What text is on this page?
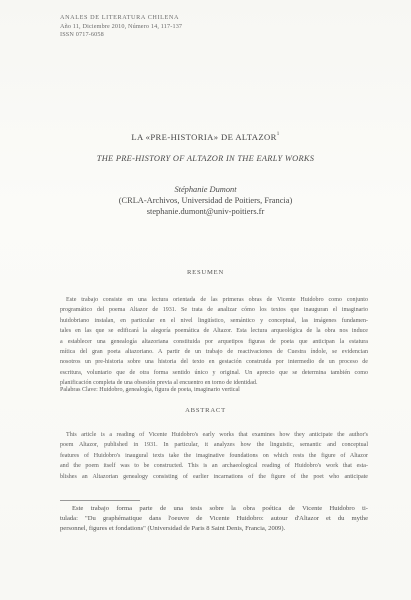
ANALES DE LITERATURA CHILENA
Año 11, Diciembre 2010, Número 14, 117-137
ISSN 0717-6058
LA «PRE-HISTORIA» DE ALTAZOR$^1$
THE PRE-HISTORY OF ALTAZOR IN THE EARLY WORKS
Stéphanie Dumont
(CRLA-Archivos, Universidad de Poitiers, Francia)
stephanie.dumont@univ-poitiers.fr
RESUMEN
Este trabajo consiste en una lectura orientada de las primeras obras de Vicente Huidobro como conjunto
programático del poema Altazor de 1931. Se trata de analizar cómo los textos que inauguran el imaginario
huidobriano instalan, en particular en el nivel lingüístico, semántico y conceptual, las imágenes fundamen-
tales en las que se edificará la alegoría poemática de Altazor. Esta lectura arqueológica de la obra nos induce
a establecer una genealogía altazoriana constituida por arquetipos figuras de poeta que anticipan la estatura
mítica del gran poeta altazoriano. A partir de un trabajo de reactivaciones de Cuestra índole, se evidencian
nosotros un pre-historia sobre una historia del texto en gestación construida por intermedio de un proceso de
escritura, voluntario que de otra forma sentido único y original. Un aprecio que se determina también como
planificación completa de una obsesión previa al encuentro en torno de identidad.
Palabras Clave: Huidobro, genealogía, figura de poeta, imaginario vertical
ABSTRACT
This article is a reading of Vicente Huidobro's early works that examines how they anticipate the author's
poem Altazor, published in 1931. In particular, it analyzes how the linguistic, semantic and conceptual
features of Huidobro's inaugural texts take the imaginative foundations on which rests the figure of Altazor
and the poem itself was to be constructed. This is an archaeological reading of Huidobro's work that esta-
blishes an Altazorian genealogy consisting of earlier incarnations of the figure of the poet who anticipate
Este trabajo forma parte de una tesis sobre la obra poética de Vicente Huidobro ti-
tulada: "Du graphématique dans l'oeuvre de Vicente Huidobro: autour d'Altazor et du mythe
personnel, figures et fondations" (Universidad de Paris 8 Saint Denis, Francia, 2009).
